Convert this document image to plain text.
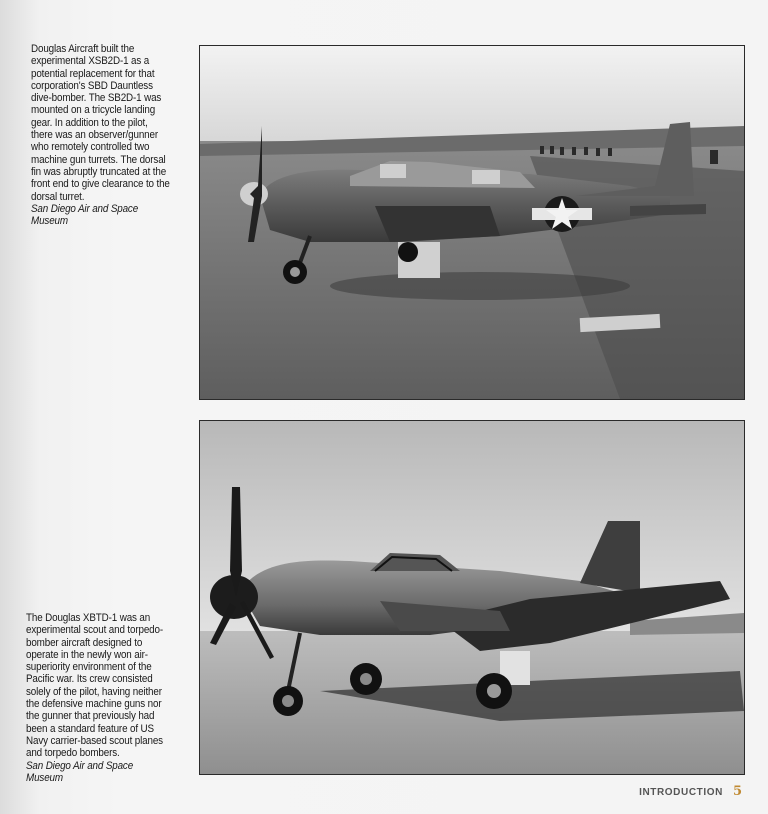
Douglas Aircraft built the experimental XSB2D-1 as a potential replacement for that corporation's SBD Dauntless dive-bomber. The SB2D-1 was mounted on a tricycle landing gear. In addition to the pilot, there was an observer/gunner who remotely controlled two machine gun turrets. The dorsal fin was abruptly truncated at the front end to give clearance to the dorsal turret.
San Diego Air and Space Museum
The Douglas XBTD-1 was an experimental scout and torpedo-bomber aircraft designed to operate in the newly won air-superiority environment of the Pacific war. Its crew consisted solely of the pilot, having neither the defensive machine guns nor the gunner that previously had been a standard feature of US Navy carrier-based scout planes and torpedo bombers.
San Diego Air and Space Museum
INTRODUCTION 5
